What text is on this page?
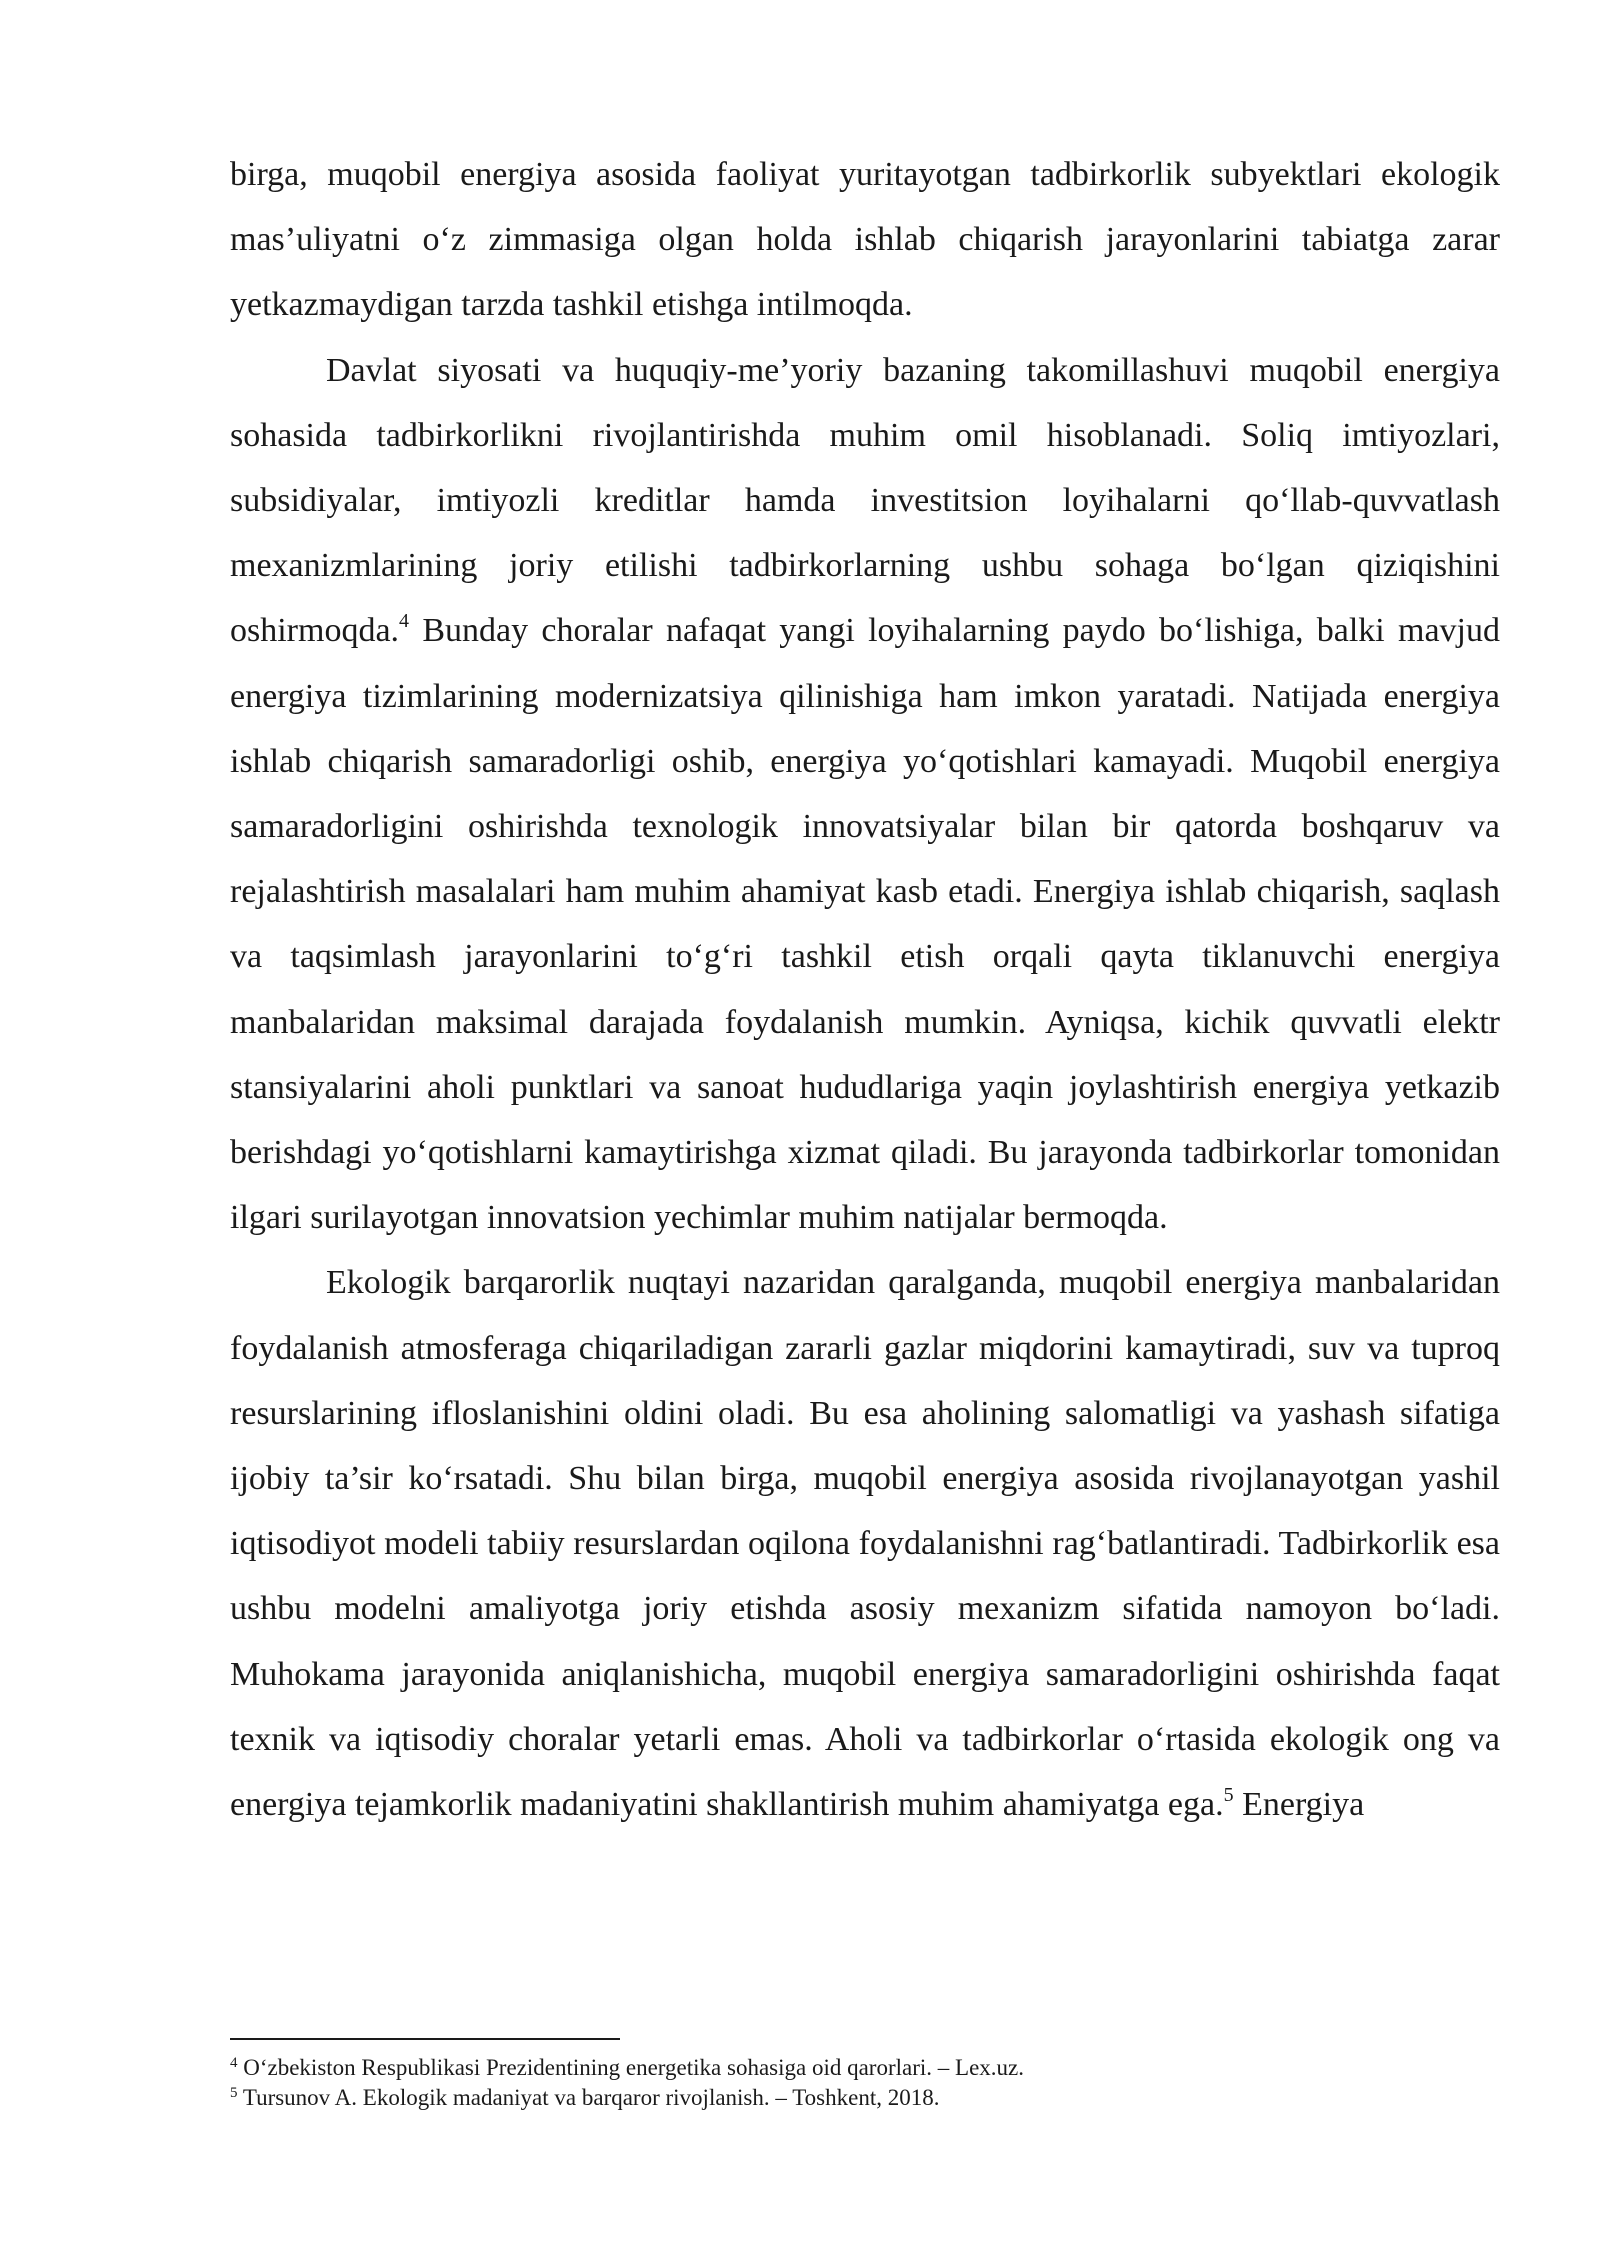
birga, muqobil energiya asosida faoliyat yuritayotgan tadbirkorlik subyektlari ekologik mas’uliyatni o‘z zimmasiga olgan holda ishlab chiqarish jarayonlarini tabiatga zarar yetkazmaydigan tarzda tashkil etishga intilmoqda.

Davlat siyosati va huquqiy-me’yoriy bazaning takomillashuvi muqobil energiya sohasida tadbirkorlikni rivojlantirishda muhim omil hisoblanadi. Soliq imtiyozlari, subsidiyalar, imtiyozli kreditlar hamda investitsion loyihalarni qo‘llab-quvvatlash mexanizmlarining joriy etilishi tadbirkorlarning ushbu sohaga bo‘lgan qiziqishini oshirmoqda.$^4$ Bunday choralar nafaqat yangi loyihalarning paydo bo‘lishiga, balki mavjud energiya tizimlarining modernizatsiya qilinishiga ham imkon yaratadi. Natijada energiya ishlab chiqarish samaradorligi oshib, energiya yo‘qotishlari kamayadi. Muqobil energiya samaradorligini oshirishda texnologik innovatsiyalar bilan bir qatorda boshqaruv va rejalashtirish masalalari ham muhim ahamiyat kasb etadi. Energiya ishlab chiqarish, saqlash va taqsimlash jarayonlarini to‘g‘ri tashkil etish orqali qayta tiklanuvchi energiya manbalaridan maksimal darajada foydalanish mumkin. Ayniqsa, kichik quvvatli elektr stansiyalarini aholi punktlari va sanoat hududlariga yaqin joylashtirish energiya yetkazib berishdagi yo‘qotishlarni kamaytirishga xizmat qiladi. Bu jarayonda tadbirkorlar tomonidan ilgari surilayotgan innovatsion yechimlar muhim natijalar bermoqda.

Ekologik barqarorlik nuqtayi nazaridan qaralganda, muqobil energiya manbalaridan foydalanish atmosferaga chiqariladigan zararli gazlar miqdorini kamaytiradi, suv va tuproq resurslarining ifloslanishini oldini oladi. Bu esa aholining salomatligi va yashash sifatiga ijobiy ta’sir ko‘rsatadi. Shu bilan birga, muqobil energiya asosida rivojlanayotgan yashil iqtisodiyot modeli tabiiy resurslardan oqilona foydalanishni rag‘batlantiradi. Tadbirkorlik esa ushbu modelni amaliyotga joriy etishda asosiy mexanizm sifatida namoyon bo‘ladi. Muhokama jarayonida aniqlanishicha, muqobil energiya samaradorligini oshirishda faqat texnik va iqtisodiy choralar yetarli emas. Aholi va tadbirkorlar o‘rtasida ekologik ong va energiya tejamkorlik madaniyatini shakllantirish muhim ahamiyatga ega.$^5$ Energiya

$^4$ O‘zbekiston Respublikasi Prezidentining energetika sohasiga oid qarorlari. – Lex.uz.

$^5$ Tursunov A. Ekologik madaniyat va barqaror rivojlanish. – Toshkent, 2018.
